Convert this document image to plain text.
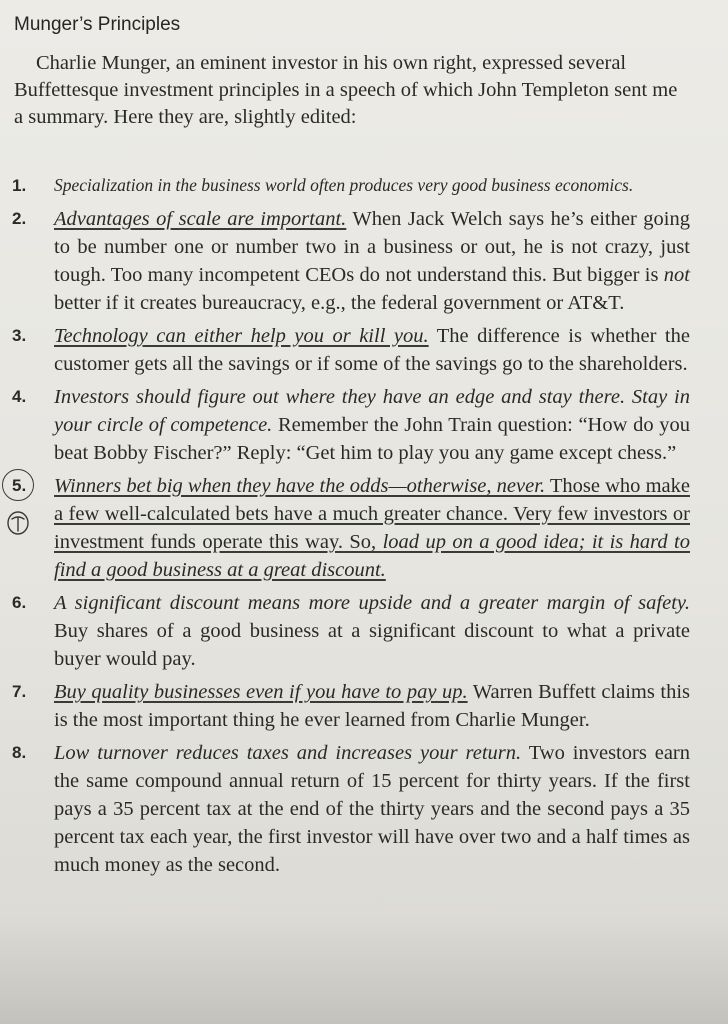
Munger’s Principles

Charlie Munger, an eminent investor in his own right, expressed several Buffettesque investment principles in a speech of which John Templeton sent me a summary. Here they are, slightly edited:

1.	Specialization in the business world often produces very good business economics.

2.	Advantages of scale are important. When Jack Welch says he’s either going to be number one or number two in a business or out, he is not crazy, just tough. Too many incompetent CEOs do not understand this. But bigger is not better if it creates bureaucracy, e.g., the federal government or AT&T.

3.	Technology can either help you or kill you. The difference is whether the customer gets all the savings or if some of the savings go to the shareholders.

4.	Investors should figure out where they have an edge and stay there. Stay in your circle of competence. Remember the John Train question: “How do you beat Bobby Fischer?” Reply: “Get him to play you any game except chess.”

5.	Winners bet big when they have the odds—otherwise, never. Those who make a few well-calculated bets have a much greater chance. Very few investors or investment funds operate this way. So, load up on a good idea; it is hard to find a good business at a great discount.

6.	A significant discount means more upside and a greater margin of safety. Buy shares of a good business at a significant discount to what a private buyer would pay.

7.	Buy quality businesses even if you have to pay up. Warren Buffett claims this is the most important thing he ever learned from Charlie Munger.

8.	Low turnover reduces taxes and increases your return. Two investors earn the same compound annual return of 15 percent for thirty years. If the first pays a 35 percent tax at the end of the thirty years and the second pays a 35 percent tax each year, the first investor will have over two and a half times as much money as the second.
